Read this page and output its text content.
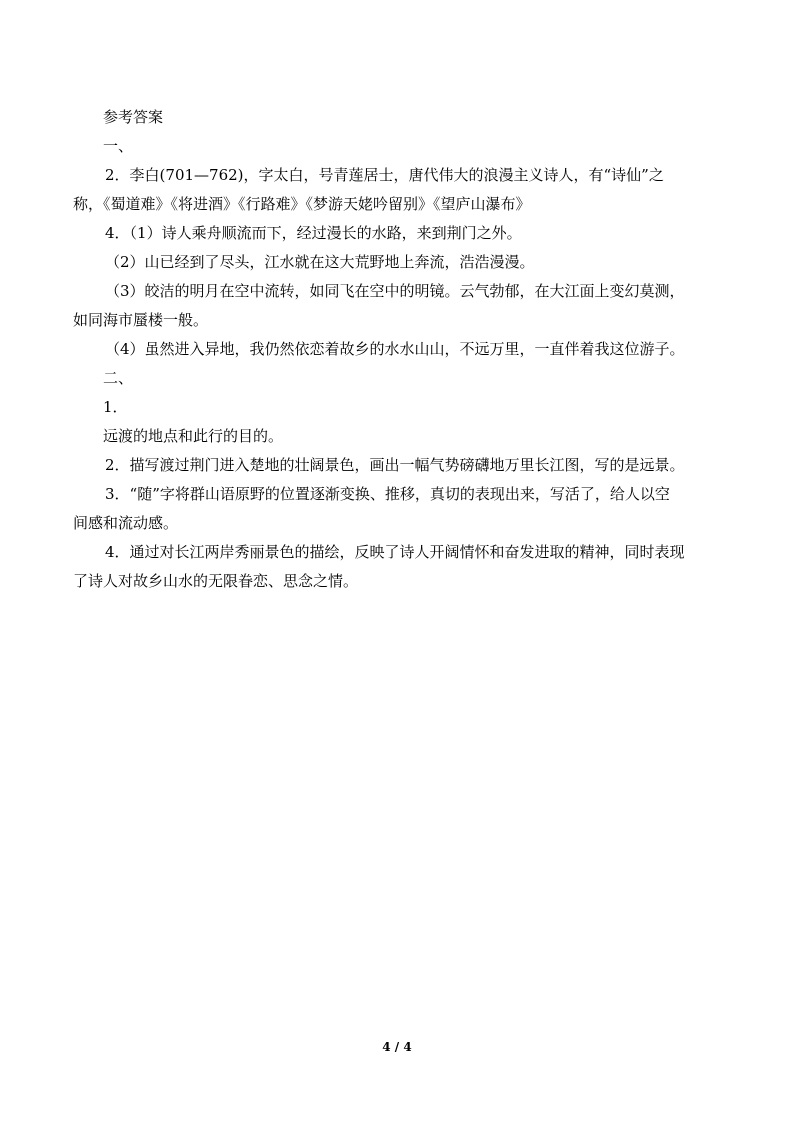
参考答案
一、
2．李白(701—762)，字太白，号青莲居士，唐代伟大的浪漫主义诗人，有“诗仙”之
称，《蜀道难》《将进酒》《行路难》《梦游天姥吟留别》《望庐山瀑布》
4．（1）诗人乘舟顺流而下，经过漫长的水路，来到荆门之外。
（2）山已经到了尽头，江水就在这大荒野地上奔流，浩浩漫漫。
（3）皎洁的明月在空中流转，如同飞在空中的明镜。云气勃郁，在大江面上变幻莫测，
如同海市蜃楼一般。
（4）虽然进入异地，我仍然依恋着故乡的水水山山，不远万里，一直伴着我这位游子。
二、
1．
远渡的地点和此行的目的。
2．描写渡过荆门进入楚地的壮阔景色，画出一幅气势磅礴地万里长江图，写的是远景。
3．“随”字将群山语原野的位置逐渐变换、推移，真切的表现出来，写活了，给人以空
间感和流动感。
4．通过对长江两岸秀丽景色的描绘，反映了诗人开阔情怀和奋发进取的精神，同时表现
了诗人对故乡山水的无限眷恋、思念之情。
4 / 4
